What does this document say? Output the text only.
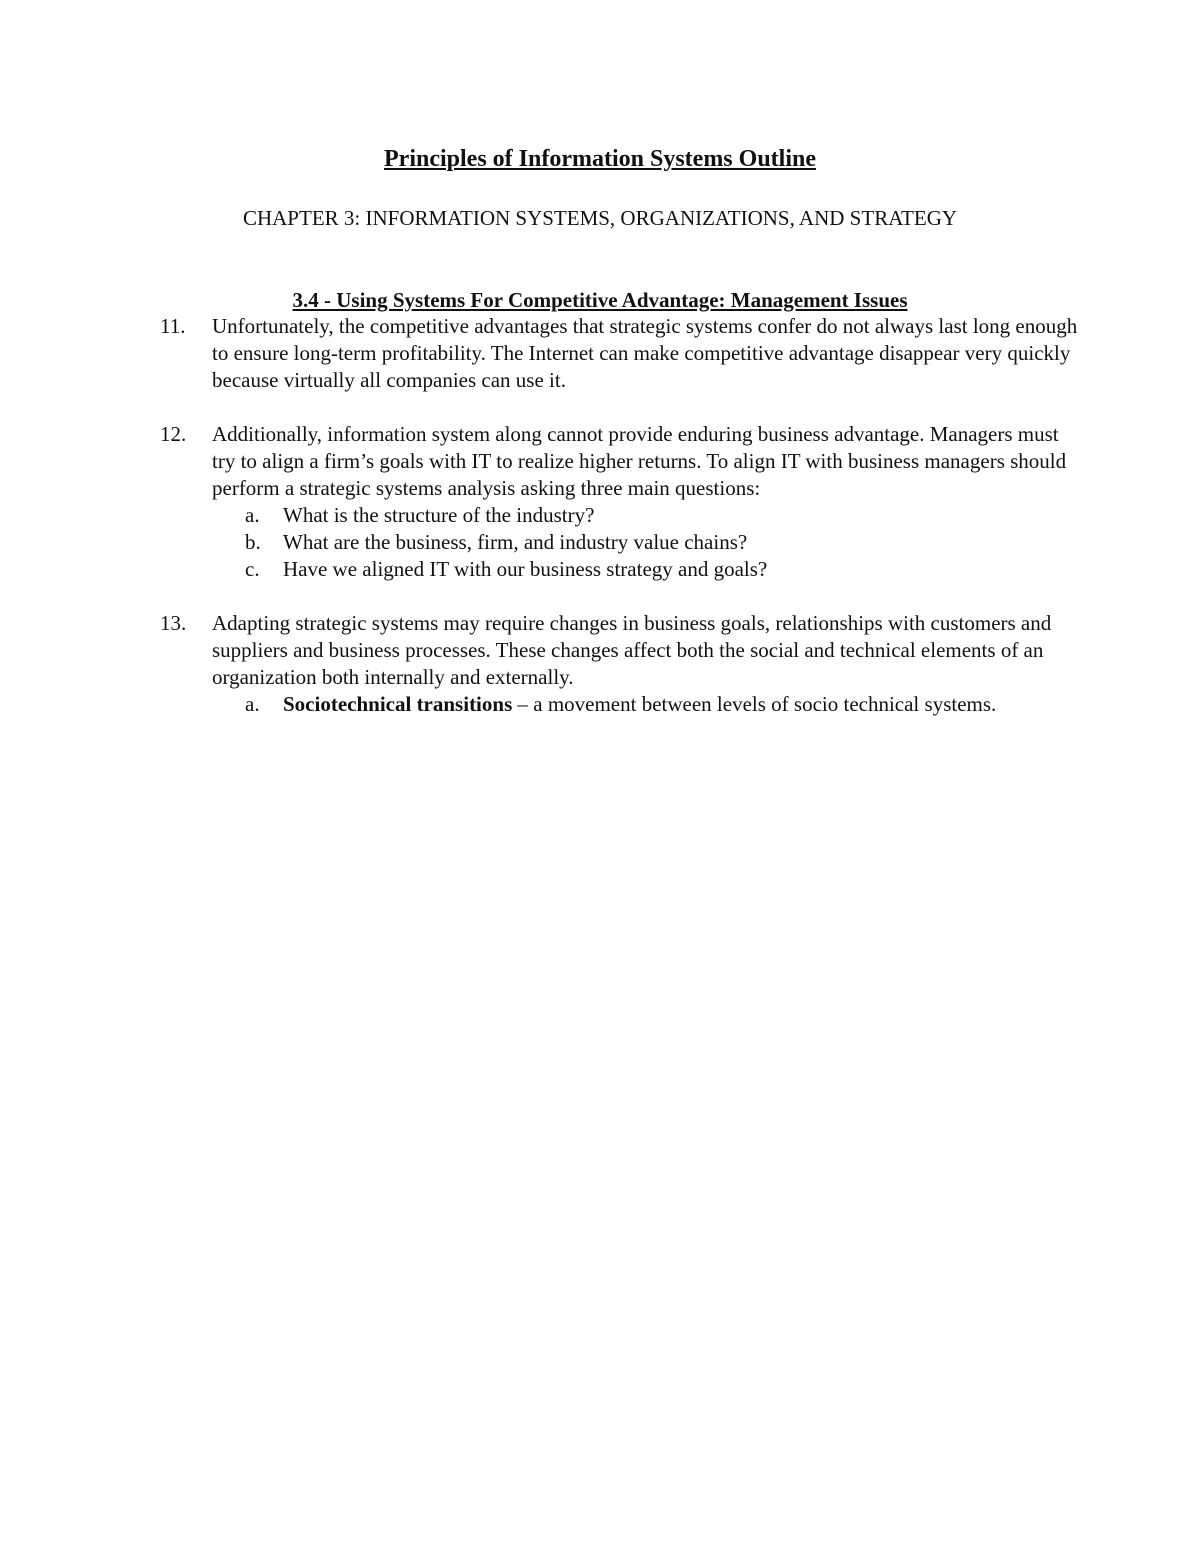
Principles of Information Systems Outline

CHAPTER 3: INFORMATION SYSTEMS, ORGANIZATIONS, AND STRATEGY

3.4 - Using Systems For Competitive Advantage: Management Issues
11.	Unfortunately, the competitive advantages that strategic systems confer do not always last long enough to ensure long-term profitability. The Internet can make competitive advantage disappear very quickly because virtually all companies can use it.
12.	Additionally, information system along cannot provide enduring business advantage. Managers must try to align a firm’s goals with IT to realize higher returns. To align IT with business managers should perform a strategic systems analysis asking three main questions:
a.	What is the structure of the industry?
b.	What are the business, firm, and industry value chains?
c.	Have we aligned IT with our business strategy and goals?
13.	Adapting strategic systems may require changes in business goals, relationships with customers and suppliers and business processes. These changes affect both the social and technical elements of an organization both internally and externally.
a.	Sociotechnical transitions – a movement between levels of socio technical systems.
